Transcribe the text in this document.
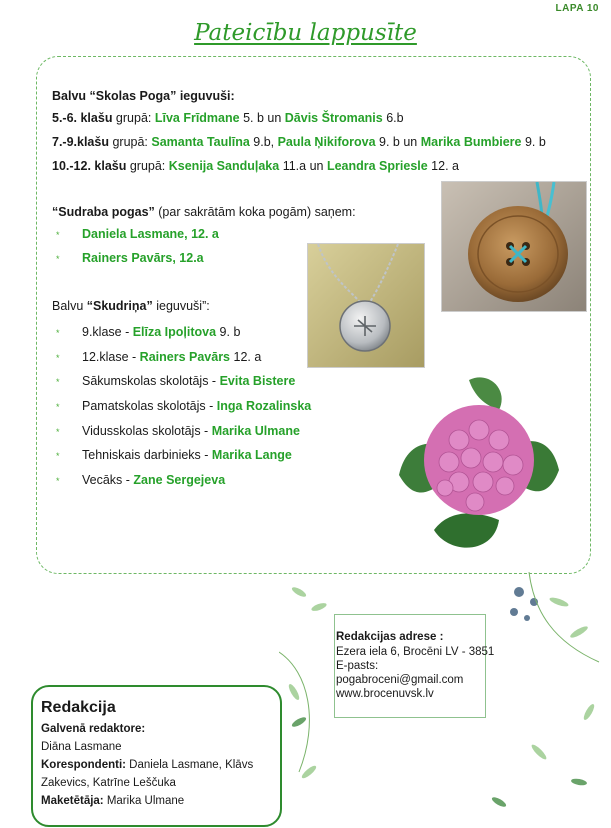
LAPA 10
Pateicību lappusīte
Balvu “Skolas Poga” ieguvuši:
5.-6. klašu grupā: Līva Frīdmane 5. b un Dāvis Štromanis 6.b
7.-9.klašu grupā: Samanta Taulīna 9.b, Paula Ņikiforova 9. b un Marika Bumbiere 9. b
10.-12. klašu grupā: Ksenija Sanduļaka 11.a un Leandra Spriesle 12. a
“Sudraba pogas” (par sakrātām koka pogām) saņem:
* Daniela Lasmane, 12. a
* Rainers Pavārs, 12.a
Balvu “Skudriņa” ieguvuši”:
* 9.klase - Elīza Ipoļitova 9. b
* 12.klase - Rainers Pavārs 12. a
* Sākumskolas skolotājs - Evita Bistere
* Pamatskolas skolotājs - Inga Rozalinska
* Vidusskolas skolotājs - Marika Ulmane
* Tehniskais darbinieks - Marika Lange
* Vecāks - Zane Sergejeva
Redakcijas adrese :
Ezera iela 6, Brocēni LV - 3851
E-pasts:
pogabroceni@gmail.com
www.brocenuvsk.lv
Redakcija
Galvenā redaktore:
Diāna Lasmane
Korespondenti: Daniela Lasmane, Klāvs
Zakevics, Katrīne Leščuka
Maketētāja: Marika Ulmane
